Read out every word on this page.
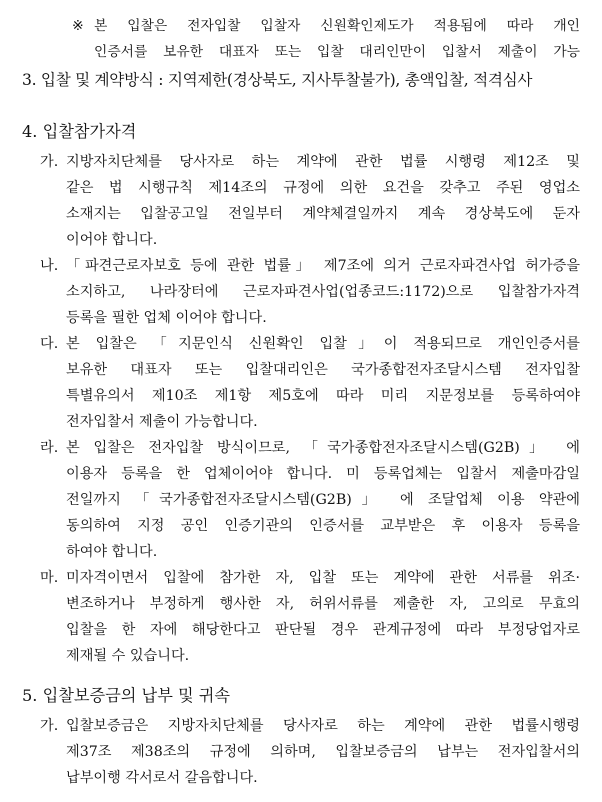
※ 본 입찰은 전자입찰 입찰자 신원확인제도가 적용됨에 따라 개인
인증서를 보유한 대표자 또는 입찰 대리인만이 입찰서 제출이 가능
3. 입찰 및 계약방식 : 지역제한(경상북도, 지사투찰불가), 총액입찰, 적격심사
4. 입찰참가자격
가. 지방자치단체를 당사자로 하는 계약에 관한 법률 시행령 제12조 및
같은 법 시행규칙 제14조의 규정에 의한 요건을 갖추고 주된 영업소
소재지는 입찰공고일 전일부터 계약체결일까지 계속 경상북도에 둔자
이어야 합니다.
나. 「파견근로자보호 등에 관한 법률」 제7조에 의거 근로자파견사업 허가증을
소지하고, 나라장터에 근로자파견사업(업종코드:1172)으로 입찰참가자격
등록을 필한 업체 이어야 합니다.
다. 본 입찰은 「지문인식 신원확인 입찰」이 적용되므로 개인인증서를
보유한 대표자 또는 입찰대리인은 국가종합전자조달시스템 전자입찰
특별유의서 제10조 제1항 제5호에 따라 미리 지문정보를 등록하여야
전자입찰서 제출이 가능합니다.
라. 본 입찰은 전자입찰 방식이므로, 「국가종합전자조달시스템(G2B)」 에
이용자 등록을 한 업체이어야 합니다. 미 등록업체는 입찰서 제출마감일
전일까지 「국가종합전자조달시스템(G2B)」 에 조달업체 이용 약관에
동의하여 지정 공인 인증기관의 인증서를 교부받은 후 이용자 등록을
하여야 합니다.
마. 미자격이면서 입찰에 참가한 자, 입찰 또는 계약에 관한 서류를 위조·
변조하거나 부정하게 행사한 자, 허위서류를 제출한 자, 고의로 무효의
입찰을 한 자에 해당한다고 판단될 경우 관계규정에 따라 부정당업자로
제재될 수 있습니다.
5. 입찰보증금의 납부 및 귀속
가. 입찰보증금은 지방자치단체를 당사자로 하는 계약에 관한 법률시행령
제37조 제38조의 규정에 의하며, 입찰보증금의 납부는 전자입찰서의
납부이행 각서로서 갈음합니다.
